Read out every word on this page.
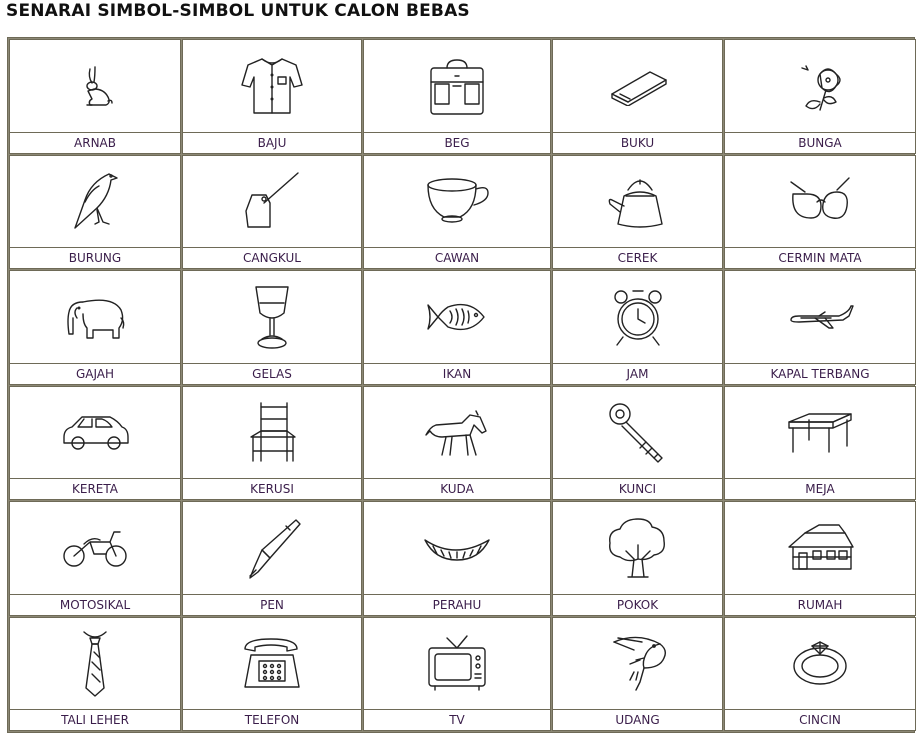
SENARAI SIMBOL-SIMBOL UNTUK CALON BEBAS
ARNAB	BAJU	BEG	BUKU	BUNGA
BURUNG	CANGKUL	CAWAN	CEREK	CERMIN MATA
GAJAH	GELAS	IKAN	JAM	KAPAL TERBANG
KERETA	KERUSI	KUDA	KUNCI	MEJA
MOTOSIKAL	PEN	PERAHU	POKOK	RUMAH
TALI LEHER	TELEFON	TV	UDANG	CINCIN
